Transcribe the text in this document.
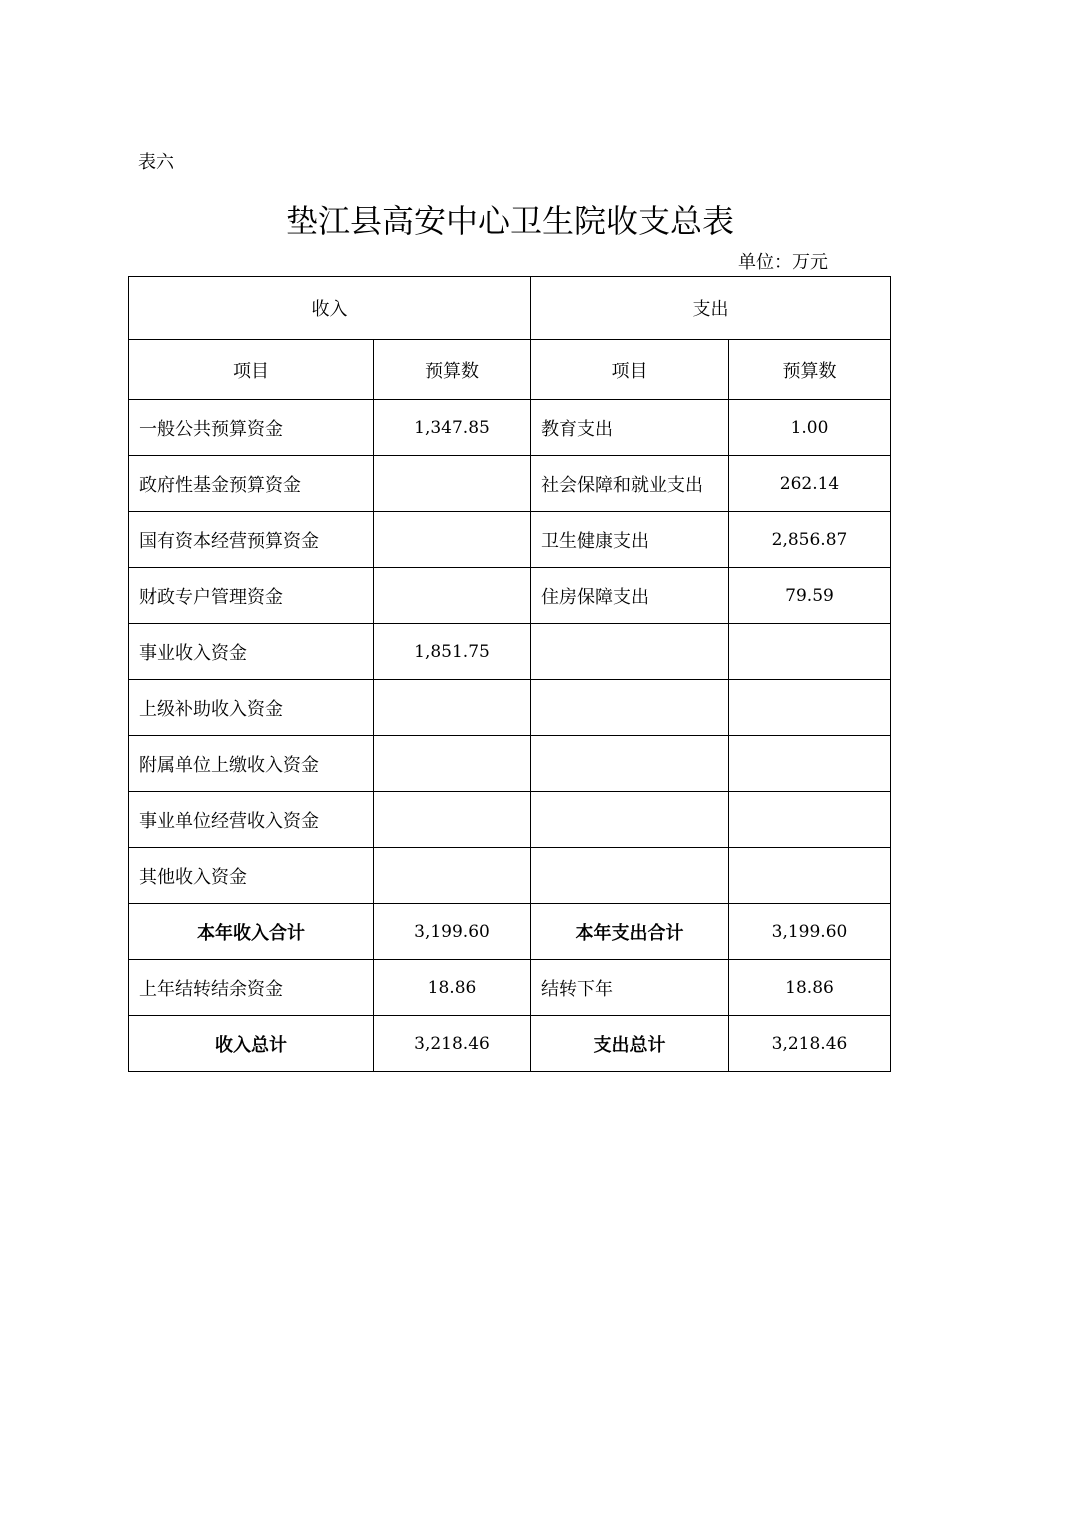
表六
垫江县高安中心卫生院收支总表
单位：万元
收入		支出	
项目	预算数	项目	预算数
一般公共预算资金	1,347.85	教育支出	1.00
政府性基金预算资金		社会保障和就业支出	262.14
国有资本经营预算资金		卫生健康支出	2,856.87
财政专户管理资金		住房保障支出	79.59
事业收入资金	1,851.75		
上级补助收入资金			
附属单位上缴收入资金			
事业单位经营收入资金			
其他收入资金			
本年收入合计	3,199.60	本年支出合计	3,199.60
上年结转结余资金	18.86	结转下年	18.86
收入总计	3,218.46	支出总计	3,218.46
